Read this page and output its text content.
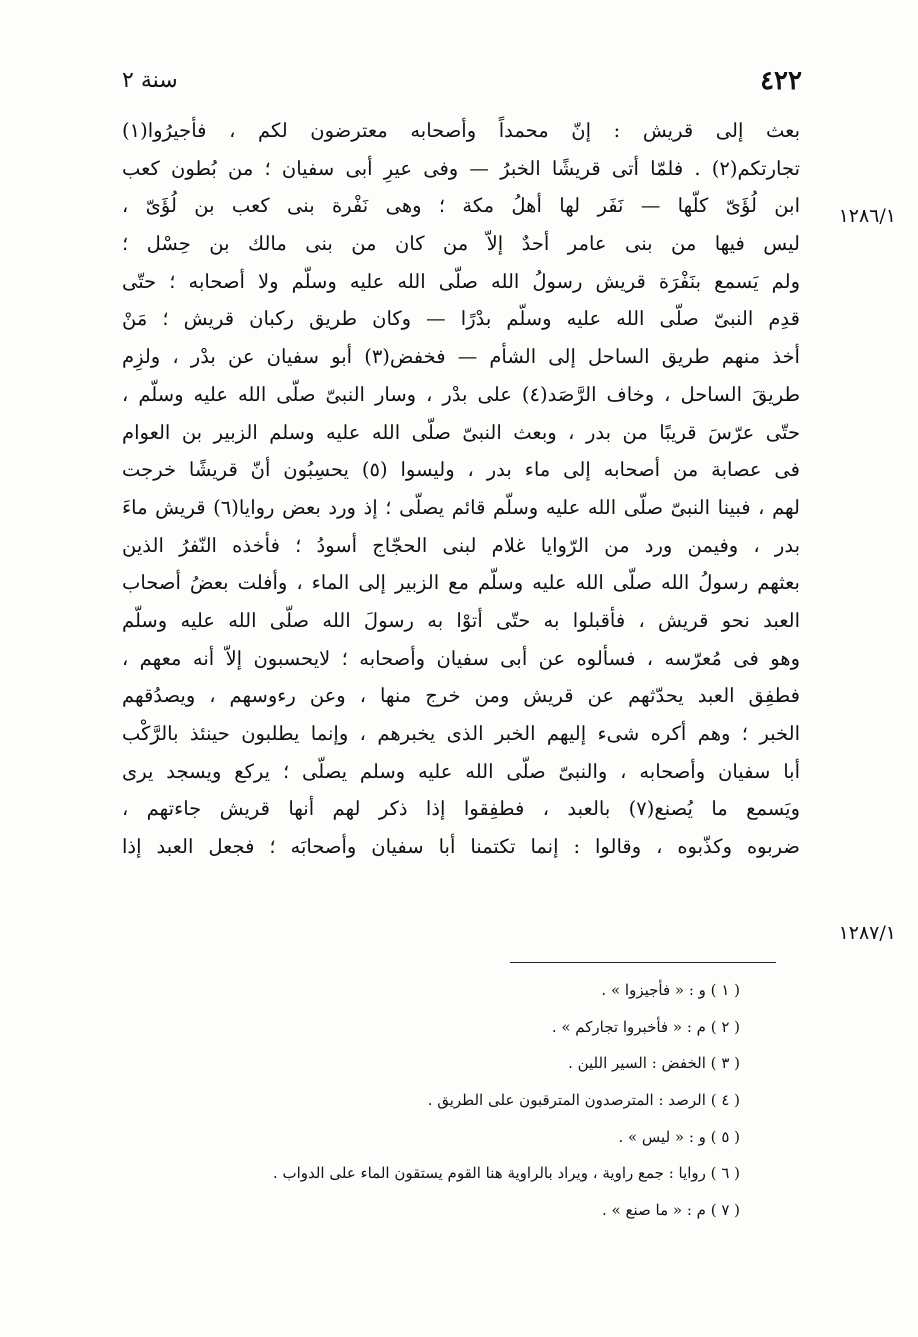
٤٢٢
سنة ٢
بعث إلى قريش : إنّ محمداً وأصحابه معترضون لكم ، فأجيرُوا(١)
تجارتكم(٢) . فلمّا أتى قريشًا الخبرُ — وفى عيرِ أبى سفيان ؛ من بُطون كعب
ابن لُؤَىّ كلّها — نَفَر لها أهلُ مكة ؛ وهى نَفْرة بنى كعب بن لُؤَىّ ،
ليس فيها من بنى عامر أحدٌ إلاّ من كان من بنى مالك بن حِسْل ؛
ولم يَسمع بنَفْرَة قريش رسولُ الله صلّى الله عليه وسلّم ولا أصحابه ؛ حتّى
قدِم النبىّ صلّى الله عليه وسلّم بدْرًا — وكان طريق ركبان قريش ؛ مَنْ
أخذ منهم طريق الساحل إلى الشأم — فخفض(٣) أبو سفيان عن بدْر ، ولزِم
طريقَ الساحل ، وخاف الرَّصَد(٤) على بدْر ، وسار النبىّ صلّى الله عليه وسلّم ،
حتّى عرّسَ قريبًا من بدر ، وبعث النبىّ صلّى الله عليه وسلم الزبير بن العوام
فى عصابة من أصحابه إلى ماء بدر ، وليسوا (٥) يحسِبُون أنّ قريشًا خرجت
لهم ، فبينا النبىّ صلّى الله عليه وسلّم قائم يصلّى ؛ إذ ورد بعض روايا(٦) قريش ماءَ
بدر ، وفيمن ورد من الرّوايا غلام لبنى الحجّاج أسودُ ؛ فأخذه النّفرُ الذين
بعثهم رسولُ الله صلّى الله عليه وسلّم مع الزبير إلى الماء ، وأفلت بعضُ أصحاب
العبد نحو قريش ، فأقبلوا به حتّى أتوْا به رسولَ الله صلّى الله عليه وسلّم
وهو فى مُعرّسه ، فسألوه عن أبى سفيان وأصحابه ؛ لايحسبون إلاّ أنه معهم ،
فطفِق العبد يحدّثهم عن قريش ومن خرج منها ، وعن رءوسهم ، ويصدُقهم
الخبر ؛ وهم أكره شىء إليهم الخبر الذى يخبرهم ، وإنما يطلبون حينئذ بالرَّكْب
أبا سفيان وأصحابه ، والنبىّ صلّى الله عليه وسلم يصلّى ؛ يركع ويسجد يرى
ويَسمع ما يُصنع(٧) بالعبد ، فطفِقوا إذا ذكر لهم أنها قريش جاءتهم ،
ضربوه وكذّبوه ، وقالوا : إنما تكتمنا أبا سفيان وأصحابَه ؛ فجعل العبد إذا
١٢٨٦/١
١٢٨٧/١
( ١ ) و : « فأجيزوا » .
( ٢ ) م : « فأخبروا تجاركم » .
( ٣ ) الخفض : السير اللين .
( ٤ ) الرصد : المترصدون المترقبون على الطريق .
( ٥ ) و : « ليس » .
( ٦ ) روايا : جمع راوية ، ويراد بالراوية هنا القوم يستقون الماء على الدواب .
( ٧ ) م : « ما صنع » .
